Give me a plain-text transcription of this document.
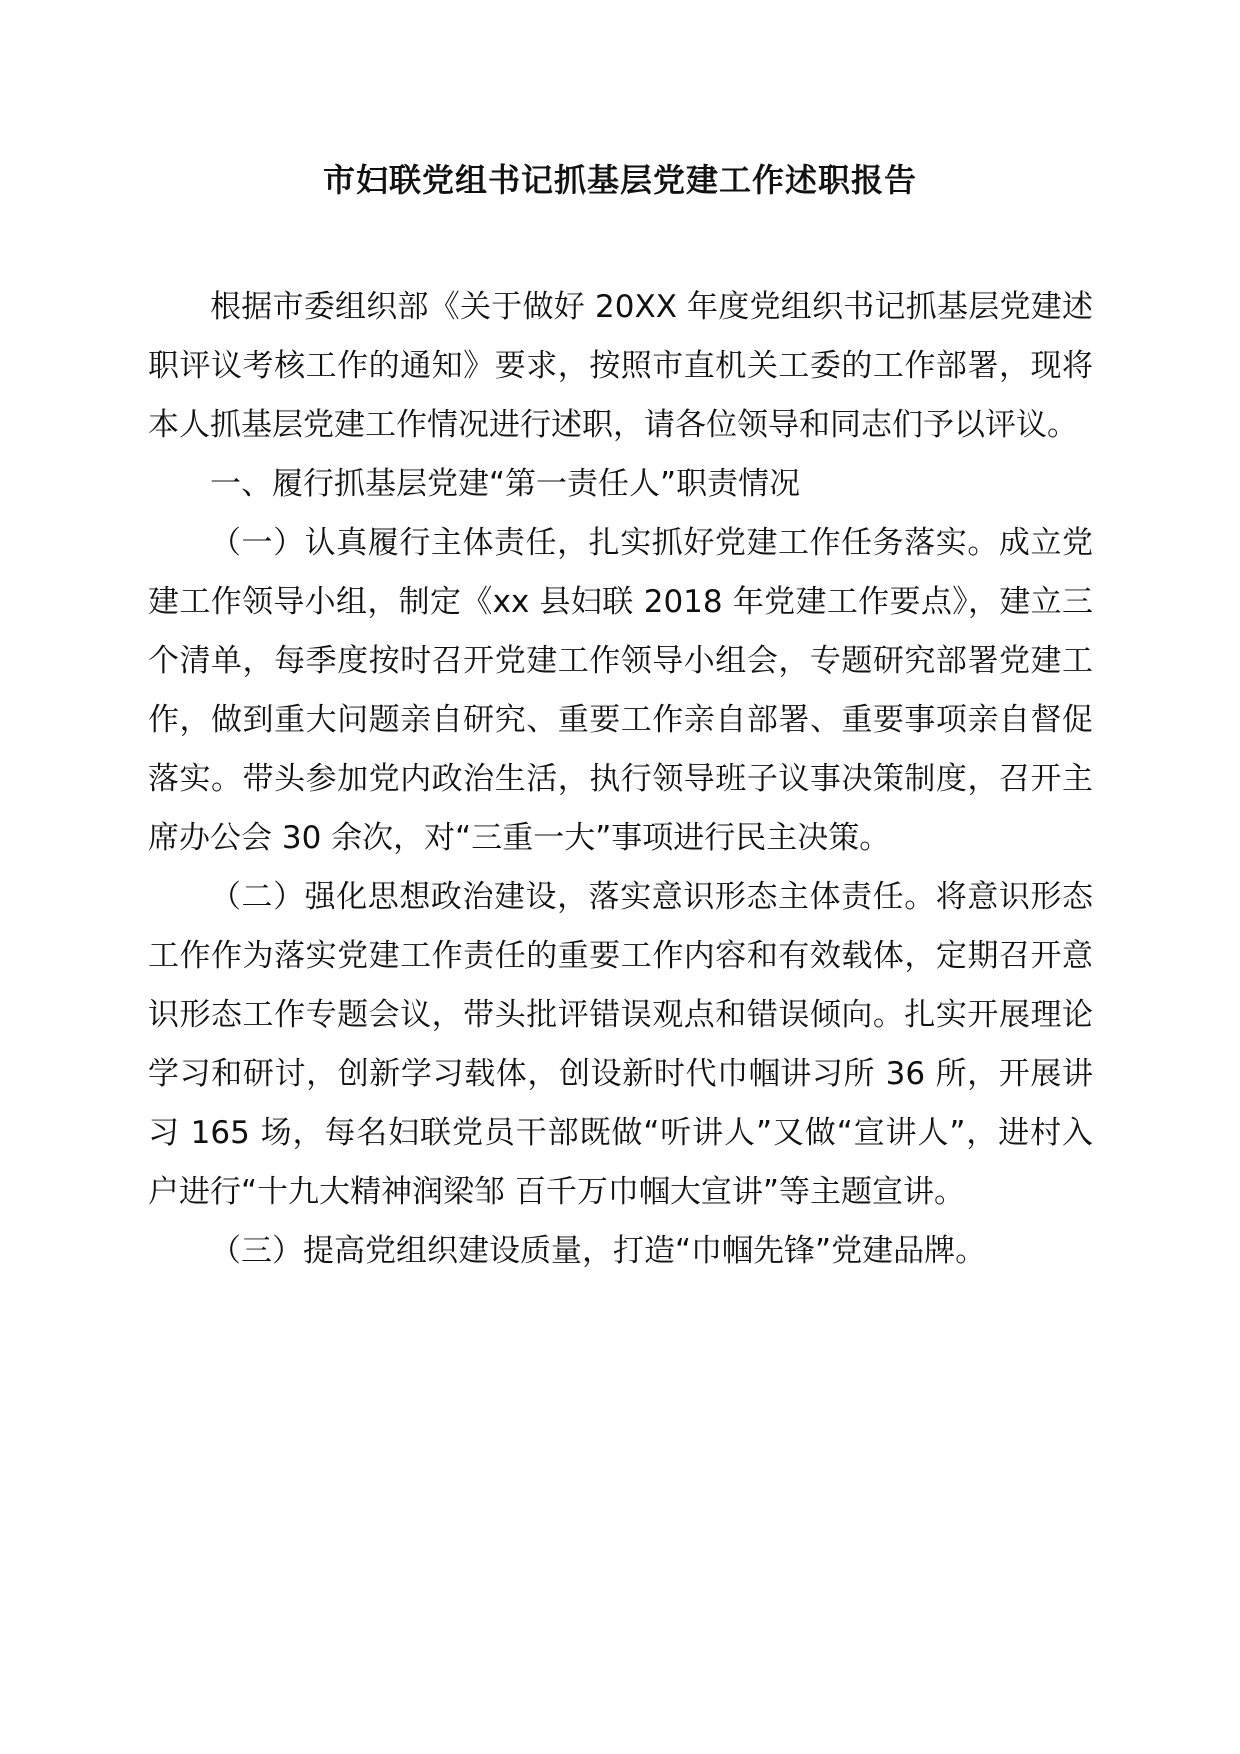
市妇联党组书记抓基层党建工作述职报告

根据市委组织部《关于做好 20XX 年度党组织书记抓基层党建述职评议考核工作的通知》要求，按照市直机关工委的工作部署，现将本人抓基层党建工作情况进行述职，请各位领导和同志们予以评议。

一、履行抓基层党建“第一责任人”职责情况

（一）认真履行主体责任，扎实抓好党建工作任务落实。成立党建工作领导小组，制定《xx 县妇联 2018 年党建工作要点》，建立三个清单，每季度按时召开党建工作领导小组会，专题研究部署党建工作，做到重大问题亲自研究、重要工作亲自部署、重要事项亲自督促落实。带头参加党内政治生活，执行领导班子议事决策制度，召开主席办公会 30 余次，对“三重一大”事项进行民主决策。

（二）强化思想政治建设，落实意识形态主体责任。将意识形态工作作为落实党建工作责任的重要工作内容和有效载体，定期召开意识形态工作专题会议，带头批评错误观点和错误倾向。扎实开展理论学习和研讨，创新学习载体，创设新时代巾帼讲习所 36 所，开展讲习 165 场，每名妇联党员干部既做“听讲人”又做“宣讲人”，进村入户进行“十九大精神润梁邹 百千万巾帼大宣讲”等主题宣讲。

（三）提高党组织建设质量，打造“巾帼先锋”党建品牌。
